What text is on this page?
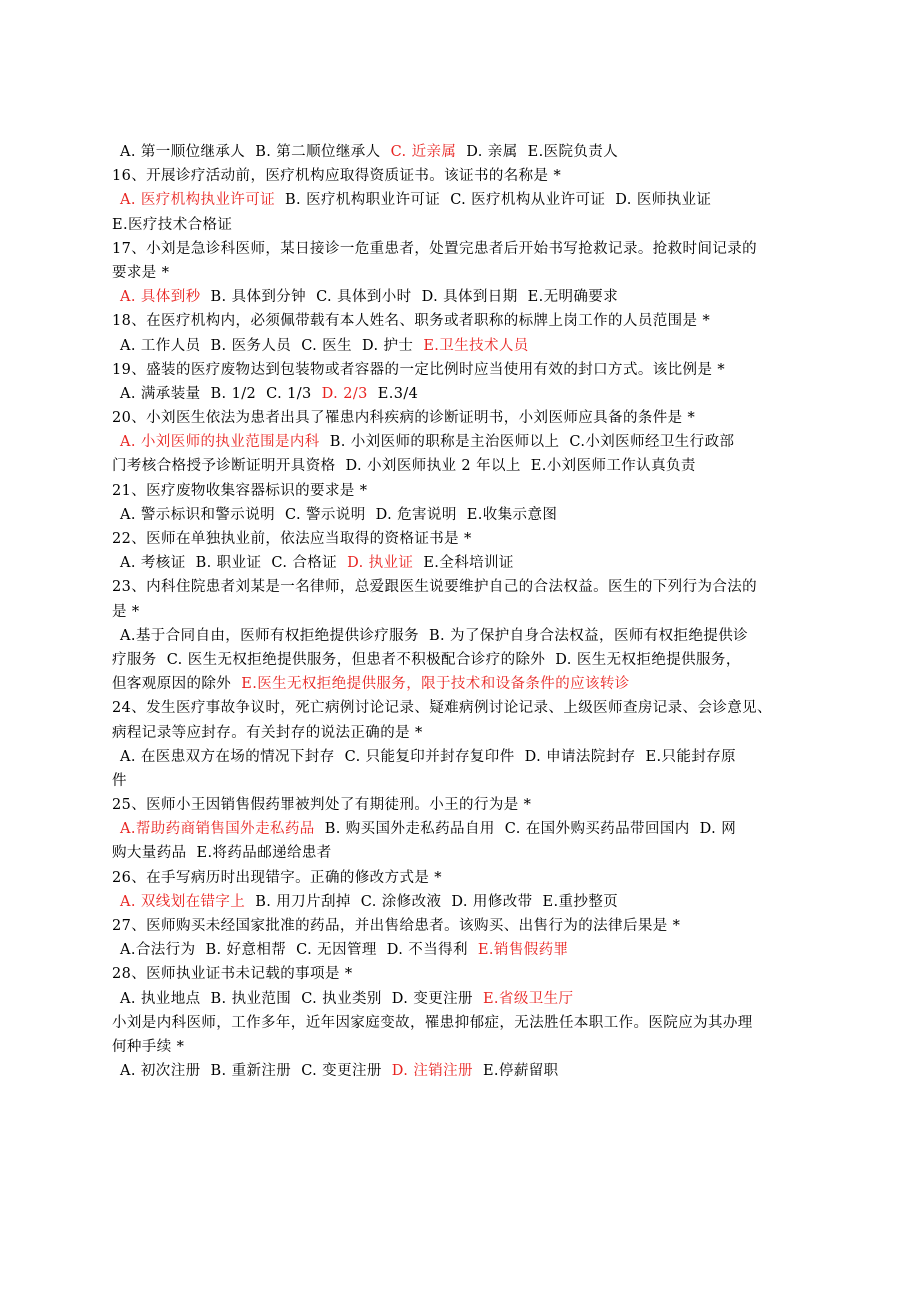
A. 第一顺位继承人 B. 第二顺位继承人 C. 近亲属 D. 亲属 E.医院负责人
16、开展诊疗活动前，医疗机构应取得资质证书。该证书的名称是 *
A. 医疗机构执业许可证 B. 医疗机构职业许可证 C. 医疗机构从业许可证 D. 医师执业证
E.医疗技术合格证
17、小刘是急诊科医师，某日接诊一危重患者，处置完患者后开始书写抢救记录。抢救时间记录的
要求是 *
A. 具体到秒 B. 具体到分钟 C. 具体到小时 D. 具体到日期 E.无明确要求
18、在医疗机构内，必须佩带载有本人姓名、职务或者职称的标牌上岗工作的人员范围是 *
A. 工作人员 B. 医务人员 C. 医生 D. 护士 E.卫生技术人员
19、盛装的医疗废物达到包装物或者容器的一定比例时应当使用有效的封口方式。该比例是 *
A. 满承装量 B. 1/2 C. 1/3 D. 2/3 E.3/4
20、小刘医生依法为患者出具了罹患内科疾病的诊断证明书，小刘医师应具备的条件是 *
A. 小刘医师的执业范围是内科 B. 小刘医师的职称是主治医师以上 C.小刘医师经卫生行政部
门考核合格授予诊断证明开具资格 D. 小刘医师执业 2 年以上 E.小刘医师工作认真负责
21、医疗废物收集容器标识的要求是 *
A. 警示标识和警示说明 C. 警示说明 D. 危害说明 E.收集示意图
22、医师在单独执业前，依法应当取得的资格证书是 *
A. 考核证 B. 职业证 C. 合格证 D. 执业证 E.全科培训证
23、内科住院患者刘某是一名律师，总爱跟医生说要维护自己的合法权益。医生的下列行为合法的
是 *
A.基于合同自由，医师有权拒绝提供诊疗服务 B. 为了保护自身合法权益，医师有权拒绝提供诊
疗服务 C. 医生无权拒绝提供服务，但患者不积极配合诊疗的除外 D. 医生无权拒绝提供服务，
但客观原因的除外 E.医生无权拒绝提供服务，限于技术和设备条件的应该转诊
24、发生医疗事故争议时，死亡病例讨论记录、疑难病例讨论记录、上级医师查房记录、会诊意见、
病程记录等应封存。有关封存的说法正确的是 *
A. 在医患双方在场的情况下封存 C. 只能复印并封存复印件 D. 申请法院封存 E.只能封存原
件
25、医师小王因销售假药罪被判处了有期徒刑。小王的行为是 *
A.帮助药商销售国外走私药品 B. 购买国外走私药品自用 C. 在国外购买药品带回国内 D. 网
购大量药品 E.将药品邮递给患者
26、在手写病历时出现错字。正确的修改方式是 *
A. 双线划在错字上 B. 用刀片刮掉 C. 涂修改液 D. 用修改带 E.重抄整页
27、医师购买未经国家批准的药品，并出售给患者。该购买、出售行为的法律后果是 *
A.合法行为 B. 好意相帮 C. 无因管理 D. 不当得利 E.销售假药罪
28、医师执业证书未记载的事项是 *
A. 执业地点 B. 执业范围 C. 执业类别 D. 变更注册 E.省级卫生厅
小刘是内科医师，工作多年，近年因家庭变故，罹患抑郁症，无法胜任本职工作。医院应为其办理
何种手续 *
A. 初次注册 B. 重新注册 C. 变更注册 D. 注销注册 E.停薪留职
